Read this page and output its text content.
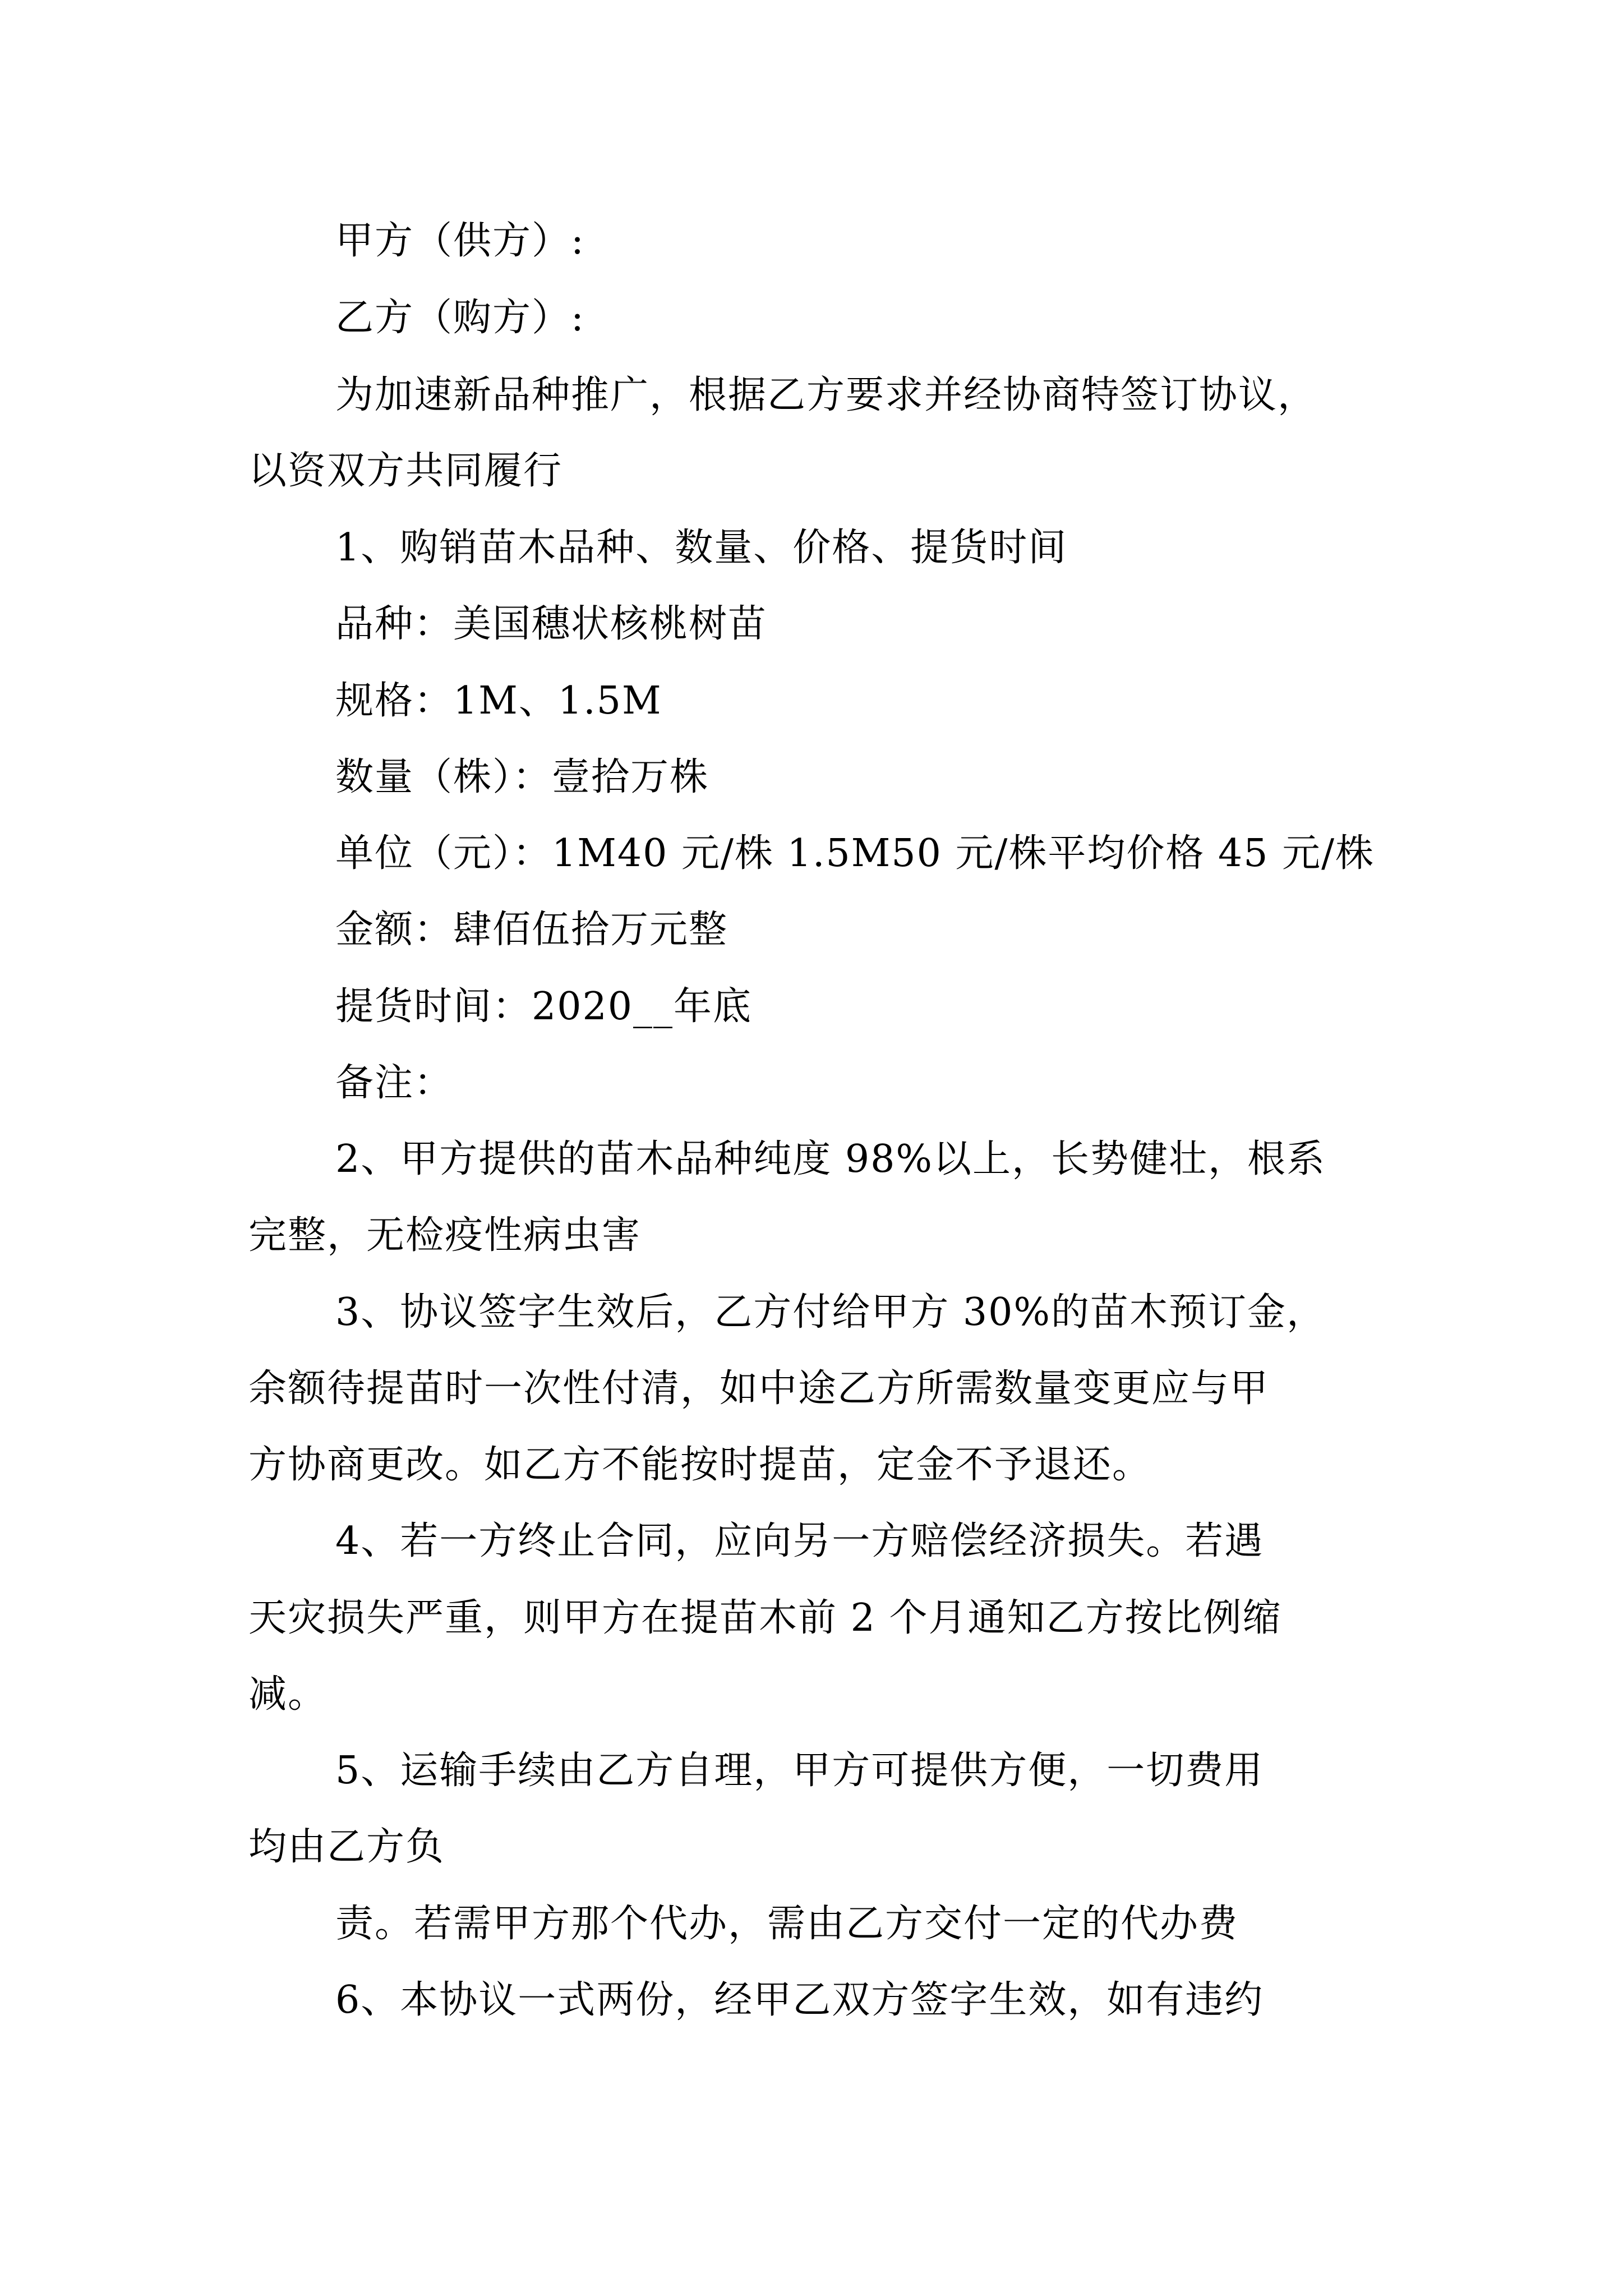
甲方（供方）:
乙方（购方）:
为加速新品种推广，根据乙方要求并经协商特签订协议，
以资双方共同履行
1、购销苗木品种、数量、价格、提货时间
品种：美国穗状核桃树苗
规格：1M、1.5M
数量（株）：壹拾万株
单位（元）：1M40 元/株 1.5M50 元/株平均价格 45 元/株
金额：肆佰伍拾万元整
提货时间：2020__年底
备注：
2、甲方提供的苗木品种纯度 98%以上，长势健壮，根系
完整，无检疫性病虫害
3、协议签字生效后，乙方付给甲方 30%的苗木预订金，
余额待提苗时一次性付清，如中途乙方所需数量变更应与甲
方协商更改。如乙方不能按时提苗，定金不予退还。
4、若一方终止合同，应向另一方赔偿经济损失。若遇
天灾损失严重，则甲方在提苗木前 2 个月通知乙方按比例缩
减。
5、运输手续由乙方自理，甲方可提供方便，一切费用
均由乙方负
责。若需甲方那个代办，需由乙方交付一定的代办费
6、本协议一式两份，经甲乙双方签字生效，如有违约
